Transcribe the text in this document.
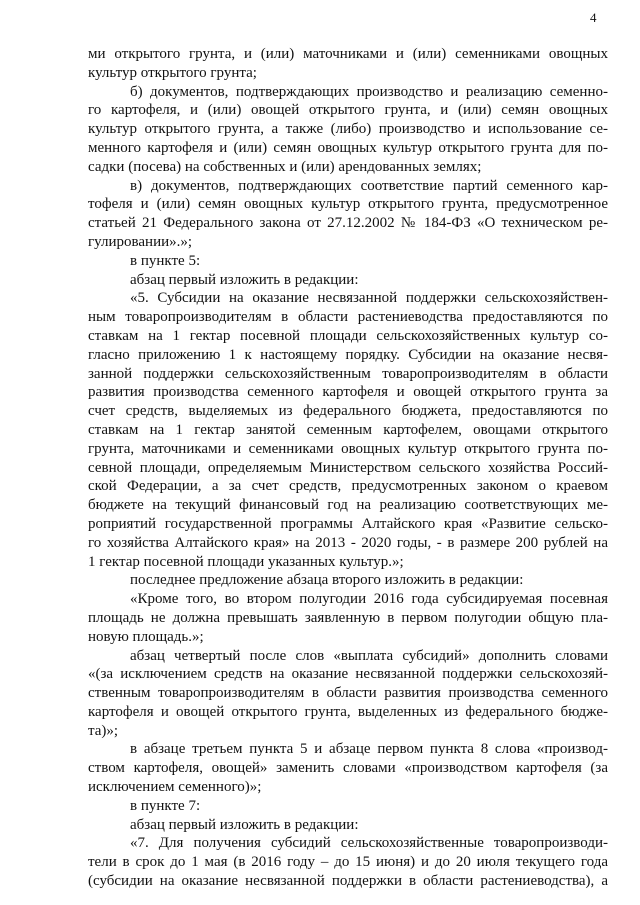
4
ми открытого грунта, и (или) маточниками и (или) семенниками овощных
культур открытого грунта;
б) документов, подтверждающих производство и реализацию семенно-
го картофеля, и (или) овощей открытого грунта, и (или) семян овощных
культур открытого грунта, а также (либо) производство и использование се-
менного картофеля и (или) семян овощных культур открытого грунта для по-
садки (посева) на собственных и (или) арендованных землях;
в) документов, подтверждающих соответствие партий семенного кар-
тофеля и (или) семян овощных культур открытого грунта, предусмотренное
статьей 21 Федерального закона от 27.12.2002 № 184-ФЗ «О техническом ре-
гулировании».»;
в пункте 5:
абзац первый изложить в редакции:
«5. Субсидии на оказание несвязанной поддержки сельскохозяйствен-
ным товаропроизводителям в области растениеводства предоставляются по
ставкам на 1 гектар посевной площади сельскохозяйственных культур со-
гласно приложению 1 к настоящему порядку. Субсидии на оказание несвя-
занной поддержки сельскохозяйственным товаропроизводителям в области
развития производства семенного картофеля и овощей открытого грунта за
счет средств, выделяемых из федерального бюджета, предоставляются по
ставкам на 1 гектар занятой семенным картофелем, овощами открытого
грунта, маточниками и семенниками овощных культур открытого грунта по-
севной площади, определяемым Министерством сельского хозяйства Россий-
ской Федерации, а за счет средств, предусмотренных законом о краевом
бюджете на текущий финансовый год на реализацию соответствующих ме-
роприятий государственной программы Алтайского края «Развитие сельско-
го хозяйства Алтайского края» на 2013 - 2020 годы, - в размере 200 рублей на
1 гектар посевной площади указанных культур.»;
последнее предложение абзаца второго изложить в редакции:
«Кроме того, во втором полугодии 2016 года субсидируемая посевная
площадь не должна превышать заявленную в первом полугодии общую пла-
новую площадь.»;
абзац четвертый после слов «выплата субсидий» дополнить словами
«(за исключением средств на оказание несвязанной поддержки сельскохозяй-
ственным товаропроизводителям в области развития производства семенного
картофеля и овощей открытого грунта, выделенных из федерального бюдже-
та)»;
в абзаце третьем пункта 5 и абзаце первом пункта 8 слова «производ-
ством картофеля, овощей» заменить словами «производством картофеля (за
исключением семенного)»;
в пункте 7:
абзац первый изложить в редакции:
«7. Для получения субсидий сельскохозяйственные товаропроизводи-
тели в срок до 1 мая (в 2016 году – до 15 июня) и до 20 июля текущего года
(субсидии на оказание несвязанной поддержки в области растениеводства), а
